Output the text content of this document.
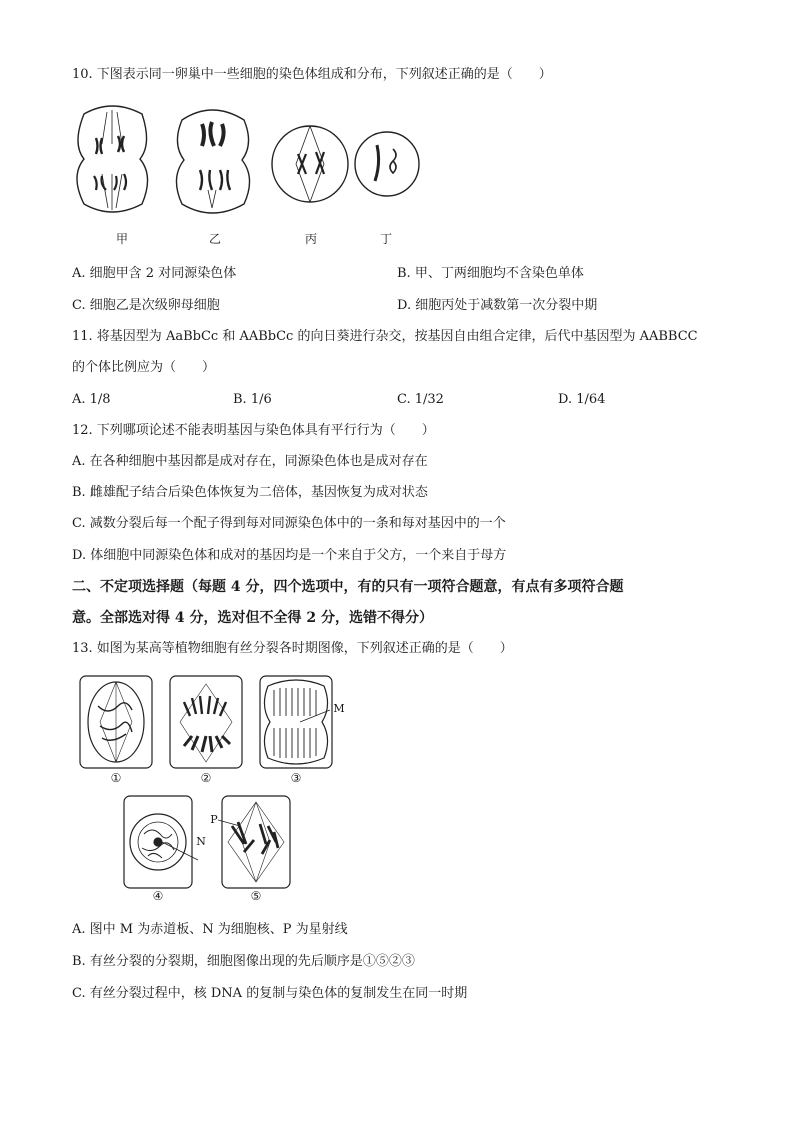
10. 下图表示同一卵巢中一些细胞的染色体组成和分布，下列叙述正确的是（　　）
甲	乙	丙	丁
A. 细胞甲含 2 对同源染色体	B. 甲、丁两细胞均不含染色单体
C. 细胞乙是次级卵母细胞	D. 细胞丙处于减数第一次分裂中期
11. 将基因型为 AaBbCc 和 AABbCc 的向日葵进行杂交，按基因自由组合定律，后代中基因型为 AABBCC
的个体比例应为（　　）
A. 1/8	B. 1/6	C. 1/32	D. 1/64
12. 下列哪项论述不能表明基因与染色体具有平行行为（　　）
A. 在各种细胞中基因都是成对存在，同源染色体也是成对存在
B. 雌雄配子结合后染色体恢复为二倍体，基因恢复为成对状态
C. 减数分裂后每一个配子得到每对同源染色体中的一条和每对基因中的一个
D. 体细胞中同源染色体和成对的基因均是一个来自于父方，一个来自于母方
二、不定项选择题（每题 4 分，四个选项中，有的只有一项符合题意，有点有多项符合题
意。全部选对得 4 分，选对但不全得 2 分，选错不得分）
13. 如图为某高等植物细胞有丝分裂各时期图像，下列叙述正确的是（　　）
M
N
P
①	②	③
④	⑤
A. 图中 M 为赤道板、N 为细胞核、P 为星射线
B. 有丝分裂的分裂期，细胞图像出现的先后顺序是①⑤②③
C. 有丝分裂过程中，核 DNA 的复制与染色体的复制发生在同一时期
